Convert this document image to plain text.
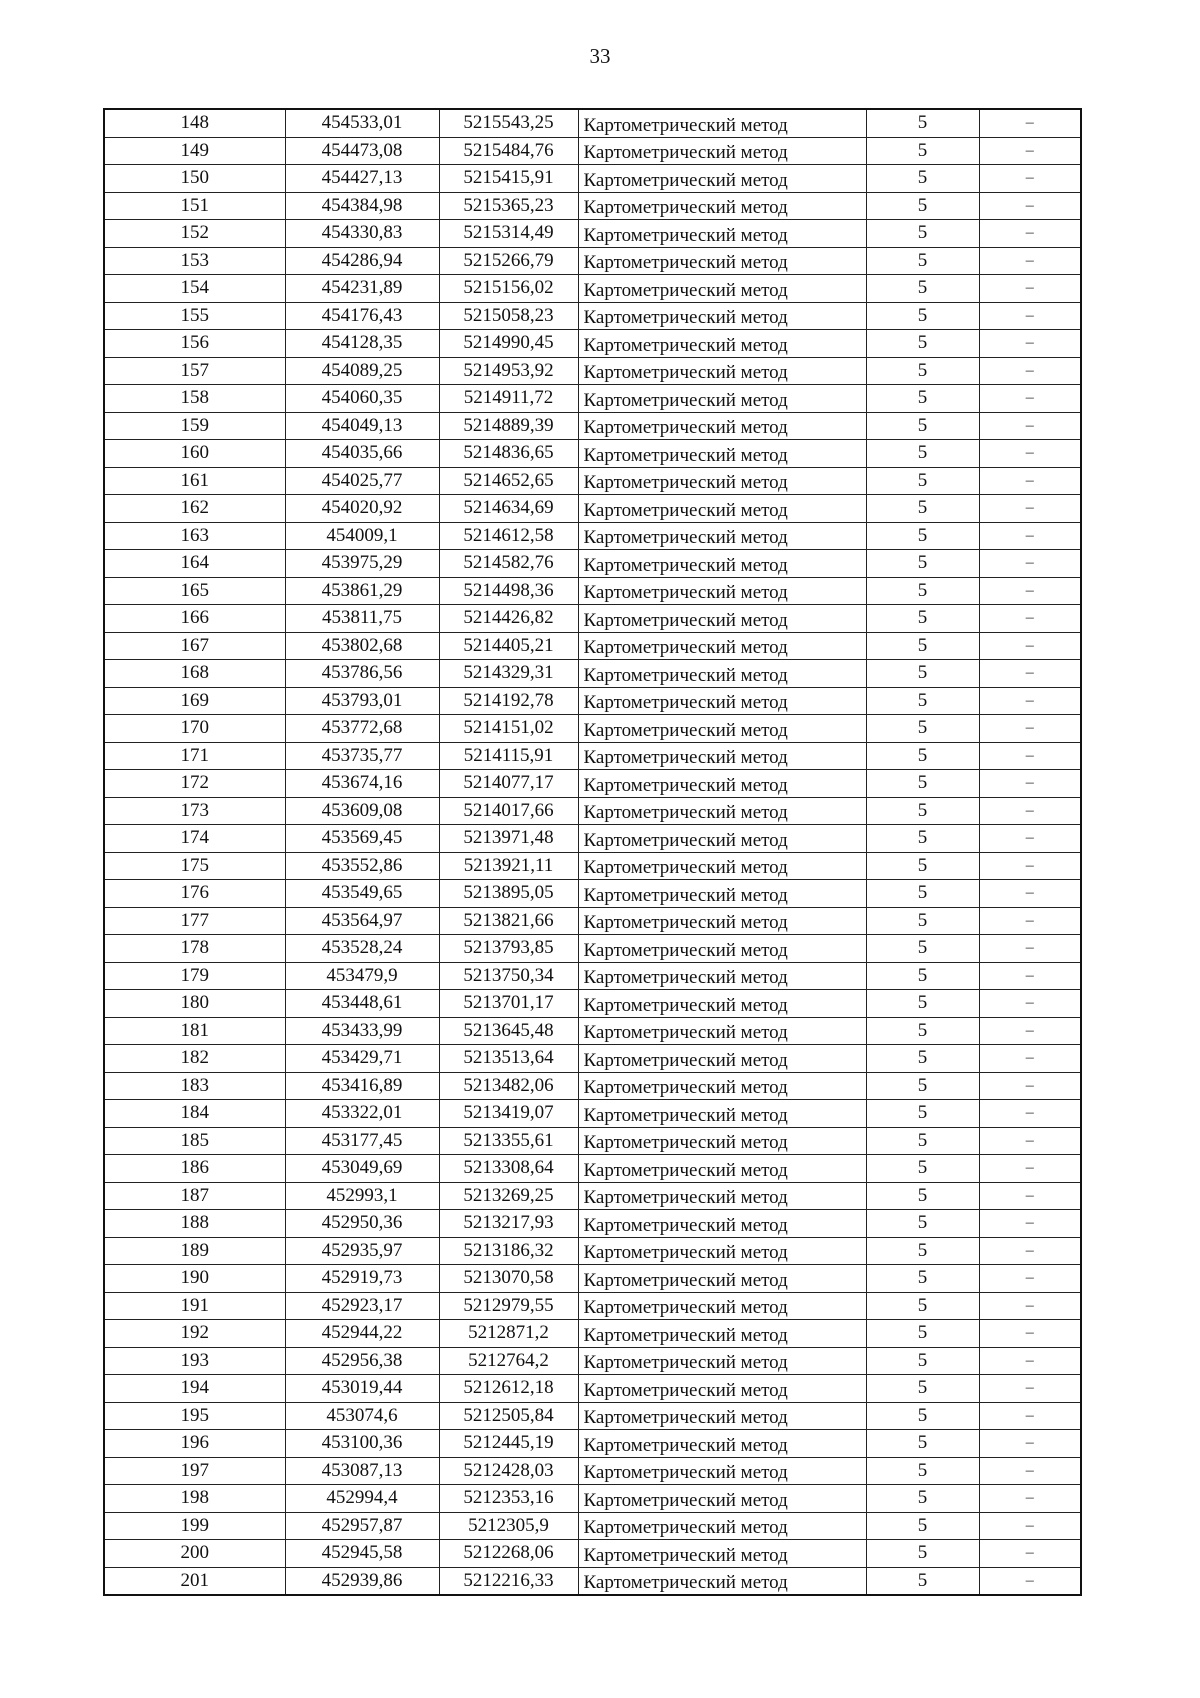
33
148	454533,01	5215543,25	Картометрический метод	5	–
149	454473,08	5215484,76	Картометрический метод	5	–
150	454427,13	5215415,91	Картометрический метод	5	–
151	454384,98	5215365,23	Картометрический метод	5	–
152	454330,83	5215314,49	Картометрический метод	5	–
153	454286,94	5215266,79	Картометрический метод	5	–
154	454231,89	5215156,02	Картометрический метод	5	–
155	454176,43	5215058,23	Картометрический метод	5	–
156	454128,35	5214990,45	Картометрический метод	5	–
157	454089,25	5214953,92	Картометрический метод	5	–
158	454060,35	5214911,72	Картометрический метод	5	–
159	454049,13	5214889,39	Картометрический метод	5	–
160	454035,66	5214836,65	Картометрический метод	5	–
161	454025,77	5214652,65	Картометрический метод	5	–
162	454020,92	5214634,69	Картометрический метод	5	–
163	454009,1	5214612,58	Картометрический метод	5	–
164	453975,29	5214582,76	Картометрический метод	5	–
165	453861,29	5214498,36	Картометрический метод	5	–
166	453811,75	5214426,82	Картометрический метод	5	–
167	453802,68	5214405,21	Картометрический метод	5	–
168	453786,56	5214329,31	Картометрический метод	5	–
169	453793,01	5214192,78	Картометрический метод	5	–
170	453772,68	5214151,02	Картометрический метод	5	–
171	453735,77	5214115,91	Картометрический метод	5	–
172	453674,16	5214077,17	Картометрический метод	5	–
173	453609,08	5214017,66	Картометрический метод	5	–
174	453569,45	5213971,48	Картометрический метод	5	–
175	453552,86	5213921,11	Картометрический метод	5	–
176	453549,65	5213895,05	Картометрический метод	5	–
177	453564,97	5213821,66	Картометрический метод	5	–
178	453528,24	5213793,85	Картометрический метод	5	–
179	453479,9	5213750,34	Картометрический метод	5	–
180	453448,61	5213701,17	Картометрический метод	5	–
181	453433,99	5213645,48	Картометрический метод	5	–
182	453429,71	5213513,64	Картометрический метод	5	–
183	453416,89	5213482,06	Картометрический метод	5	–
184	453322,01	5213419,07	Картометрический метод	5	–
185	453177,45	5213355,61	Картометрический метод	5	–
186	453049,69	5213308,64	Картометрический метод	5	–
187	452993,1	5213269,25	Картометрический метод	5	–
188	452950,36	5213217,93	Картометрический метод	5	–
189	452935,97	5213186,32	Картометрический метод	5	–
190	452919,73	5213070,58	Картометрический метод	5	–
191	452923,17	5212979,55	Картометрический метод	5	–
192	452944,22	5212871,2	Картометрический метод	5	–
193	452956,38	5212764,2	Картометрический метод	5	–
194	453019,44	5212612,18	Картометрический метод	5	–
195	453074,6	5212505,84	Картометрический метод	5	–
196	453100,36	5212445,19	Картометрический метод	5	–
197	453087,13	5212428,03	Картометрический метод	5	–
198	452994,4	5212353,16	Картометрический метод	5	–
199	452957,87	5212305,9	Картометрический метод	5	–
200	452945,58	5212268,06	Картометрический метод	5	–
201	452939,86	5212216,33	Картометрический метод	5	–
